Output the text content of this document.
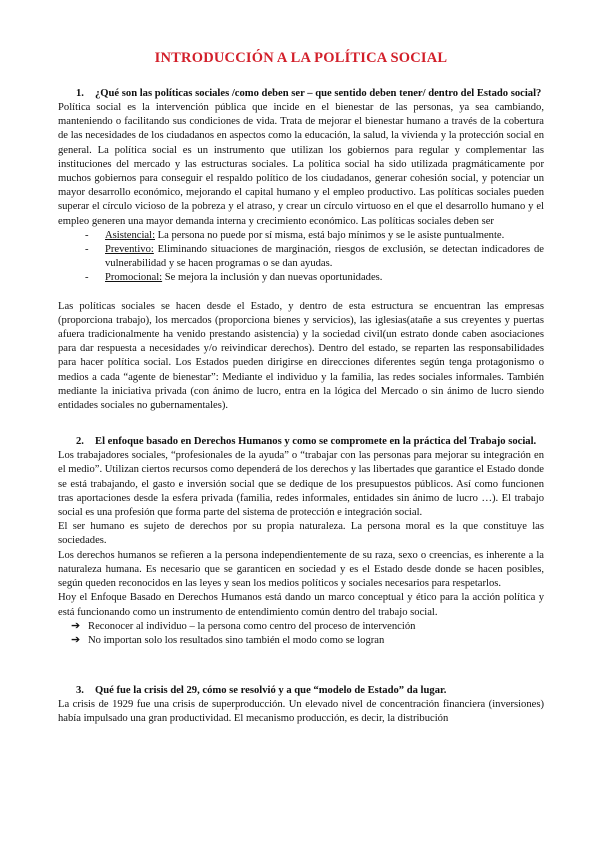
INTRODUCCIÓN A LA POLÍTICA SOCIAL
1.	¿Qué son las políticas sociales /como deben ser – que sentido deben tener/ dentro del Estado social?

Política social es la intervención pública que incide en el bienestar de las personas, ya sea cambiando, manteniendo o facilitando sus condiciones de vida. Trata de mejorar el bienestar humano a través de la cobertura de las necesidades de los ciudadanos en aspectos como la educación, la salud, la vivienda y la protección social en general. La política social es un instrumento que utilizan los gobiernos para regular y complementar las instituciones del mercado y las estructuras sociales. La política social ha sido utilizada pragmáticamente por muchos gobiernos para conseguir el respaldo político de los ciudadanos, generar cohesión social, y potenciar un mayor desarrollo económico, mejorando el capital humano y el empleo productivo. Las políticas sociales pueden superar el círculo vicioso de la pobreza y el atraso, y crear un círculo virtuoso en el que el desarrollo humano y el empleo generen una mayor demanda interna y crecimiento económico. Las políticas sociales deben ser

- Asistencial: La persona no puede por sí misma, está bajo mínimos y se le asiste puntualmente.
- Preventivo: Eliminando situaciones de marginación, riesgos de exclusión, se detectan indicadores de vulnerabilidad y se hacen programas o se dan ayudas.
- Promocional: Se mejora la inclusión y dan nuevas oportunidades.

Las políticas sociales se hacen desde el Estado, y dentro de esta estructura se encuentran las empresas (proporciona trabajo), los mercados (proporciona bienes y servicios), las iglesias(atañe a sus creyentes y puertas afuera tradicionalmente ha venido prestando asistencia) y la sociedad civil(un estrato donde caben asociaciones para dar respuesta a necesidades y/o reivindicar derechos). Dentro del estado, se reparten las responsabilidades para hacer política social. Los Estados pueden dirigirse en direcciones diferentes según tenga protagonismo o medios a cada “agente de bienestar”: Mediante el individuo y la familia, las redes sociales informales. También mediante la iniciativa privada (con ánimo de lucro, entra en la lógica del Mercado o sin ánimo de lucro siendo entidades sociales no gubernamentales).

2.	El enfoque basado en Derechos Humanos y como se compromete en la práctica del Trabajo social.

Los trabajadores sociales, “profesionales de la ayuda” o “trabajar con las personas para mejorar su integración en el medio”. Utilizan ciertos recursos como dependerá de los derechos y las libertades que garantice el Estado donde se está trabajando, el gasto e inversión social que se dedique de los presupuestos públicos. Así como funcionen tras aportaciones desde la esfera privada (familia, redes informales, entidades sin ánimo de lucro …). El trabajo social es una profesión que forma parte del sistema de protección e integración social.

El ser humano es sujeto de derechos por su propia naturaleza. La persona moral es la que constituye las sociedades.

Los derechos humanos se refieren a la persona independientemente de su raza, sexo o creencias, es inherente a la naturaleza humana. Es necesario que se garanticen en sociedad y es el Estado desde donde se hacen posibles, según queden reconocidos en las leyes y sean los medios políticos y sociales necesarios para respetarlos.

Hoy el Enfoque Basado en Derechos Humanos está dando un marco conceptual y ético para la acción política y está funcionando como un instrumento de entendimiento común dentro del trabajo social.

➔ Reconocer al individuo – la persona como centro del proceso de intervención
➔ No importan solo los resultados sino también el modo como se logran
3.	Qué fue la crisis del 29, cómo se resolvió y a que “modelo de Estado” da lugar.

La crisis de 1929 fue una crisis de superproducción. Un elevado nivel de concentración financiera (inversiones) había impulsado una gran productividad. El mecanismo producción, es decir, la distribución
